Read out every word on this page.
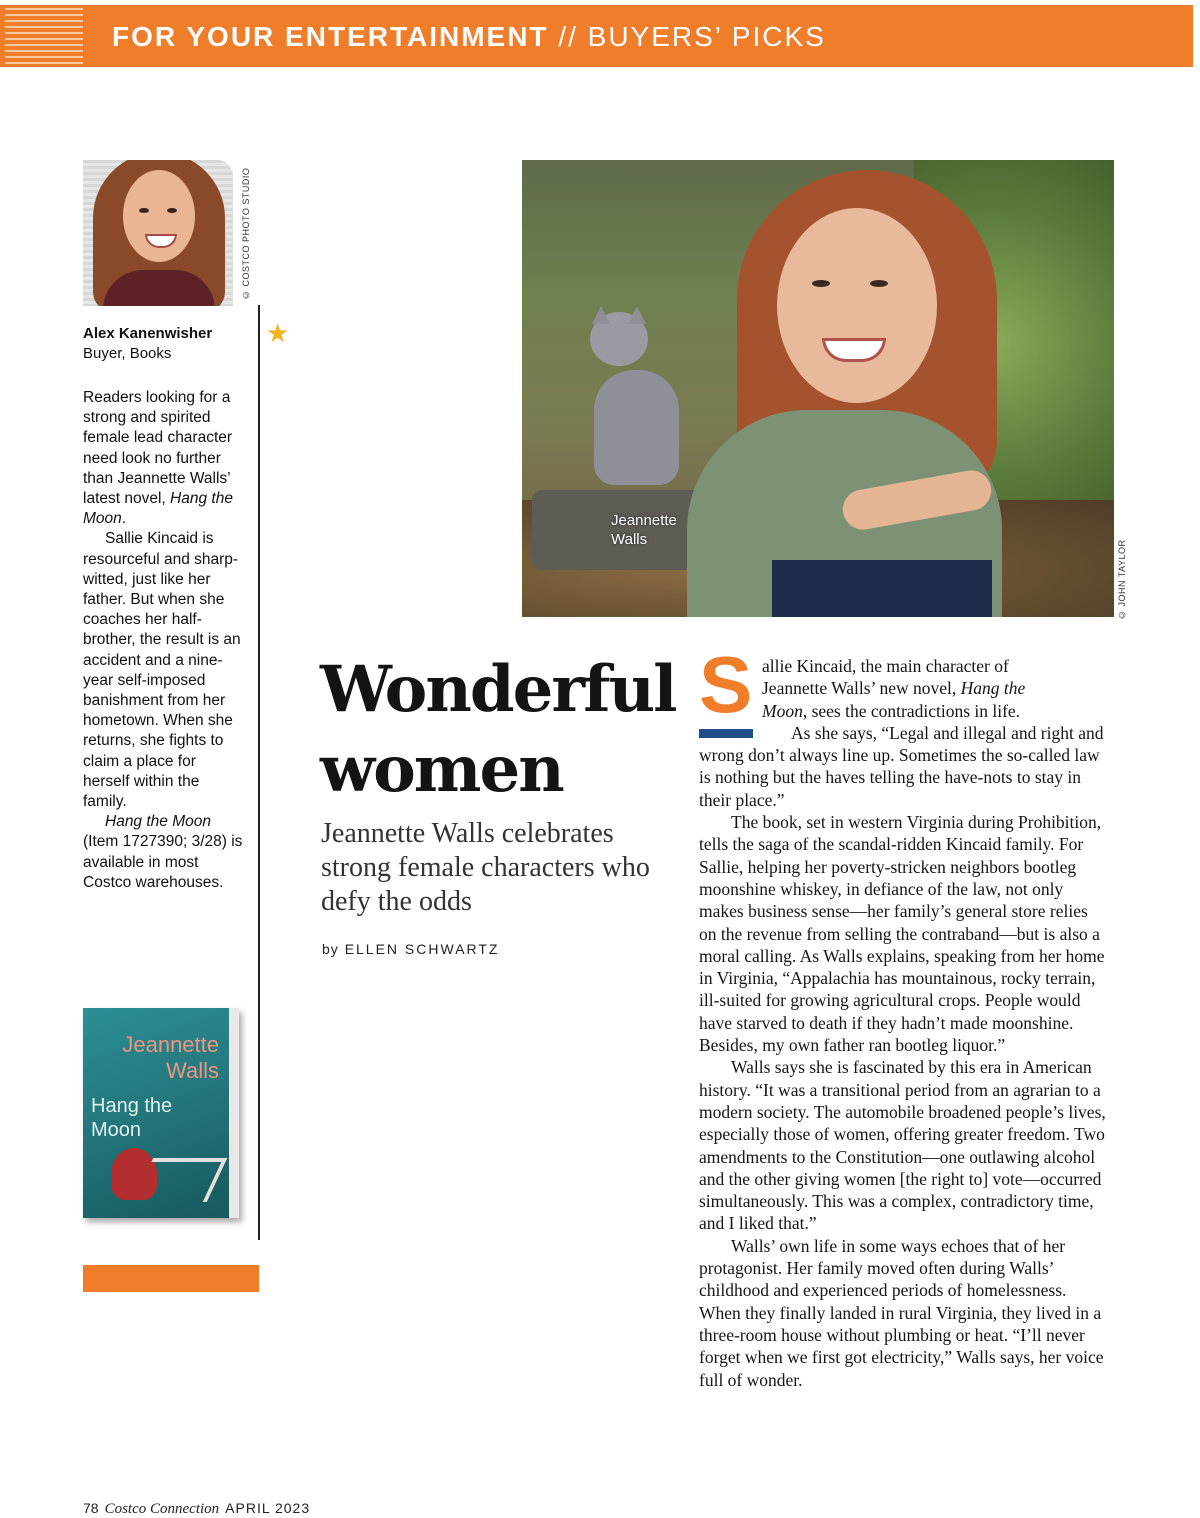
FOR YOUR ENTERTAINMENT // BUYERS’ PICKS
© COSTCO PHOTO STUDIO
★
Alex Kanenwisher
Buyer, Books

Readers looking for a strong and spirited female lead character need look no further than Jeannette Walls’ latest novel, Hang the Moon.

Sallie Kincaid is resourceful and sharp-witted, just like her father. But when she coaches her half-brother, the result is an accident and a nine-year self-imposed banishment from her hometown. When she returns, she fights to claim a place for herself within the family.

Hang the Moon (Item 1727390; 3/28) is available in most Costco warehouses.

Jeannette Walls
Hang the Moon
Jeannette Walls	© JOHN TAYLOR
Wonderful
women
Jeannette Walls celebrates strong female characters who defy the odds
by ELLEN SCHWARTZ
S allie Kincaid, the main character of
Jeannette Walls’ new novel, Hang the
Moon, sees the contradictions in life.

As she says, “Legal and illegal and right and wrong don’t always line up. Sometimes the so-called law is nothing but the haves telling the have-nots to stay in their place.”

The book, set in western Virginia during Prohibition, tells the saga of the scandal-ridden Kincaid family. For Sallie, helping her poverty-stricken neighbors bootleg moonshine whiskey, in defiance of the law, not only makes business sense—her family’s general store relies on the revenue from selling the contraband—but is also a moral calling. As Walls explains, speaking from her home in Virginia, “Appalachia has mountainous, rocky terrain, ill-suited for growing agricultural crops. People would have starved to death if they hadn’t made moonshine. Besides, my own father ran bootleg liquor.”

Walls says she is fascinated by this era in American history. “It was a transitional period from an agrarian to a modern society. The automobile broadened people’s lives, especially those of women, offering greater freedom. Two amendments to the Constitution—one outlawing alcohol and the other giving women [the right to] vote—occurred simultaneously. This was a complex, contradictory time, and I liked that.”

Walls’ own life in some ways echoes that of her protagonist. Her family moved often during Walls’ childhood and experienced periods of homelessness. When they finally landed in rural Virginia, they lived in a three-room house without plumbing or heat. “I’ll never forget when we first got electricity,” Walls says, her voice full of wonder.

78 Costco Connection APRIL 2023
